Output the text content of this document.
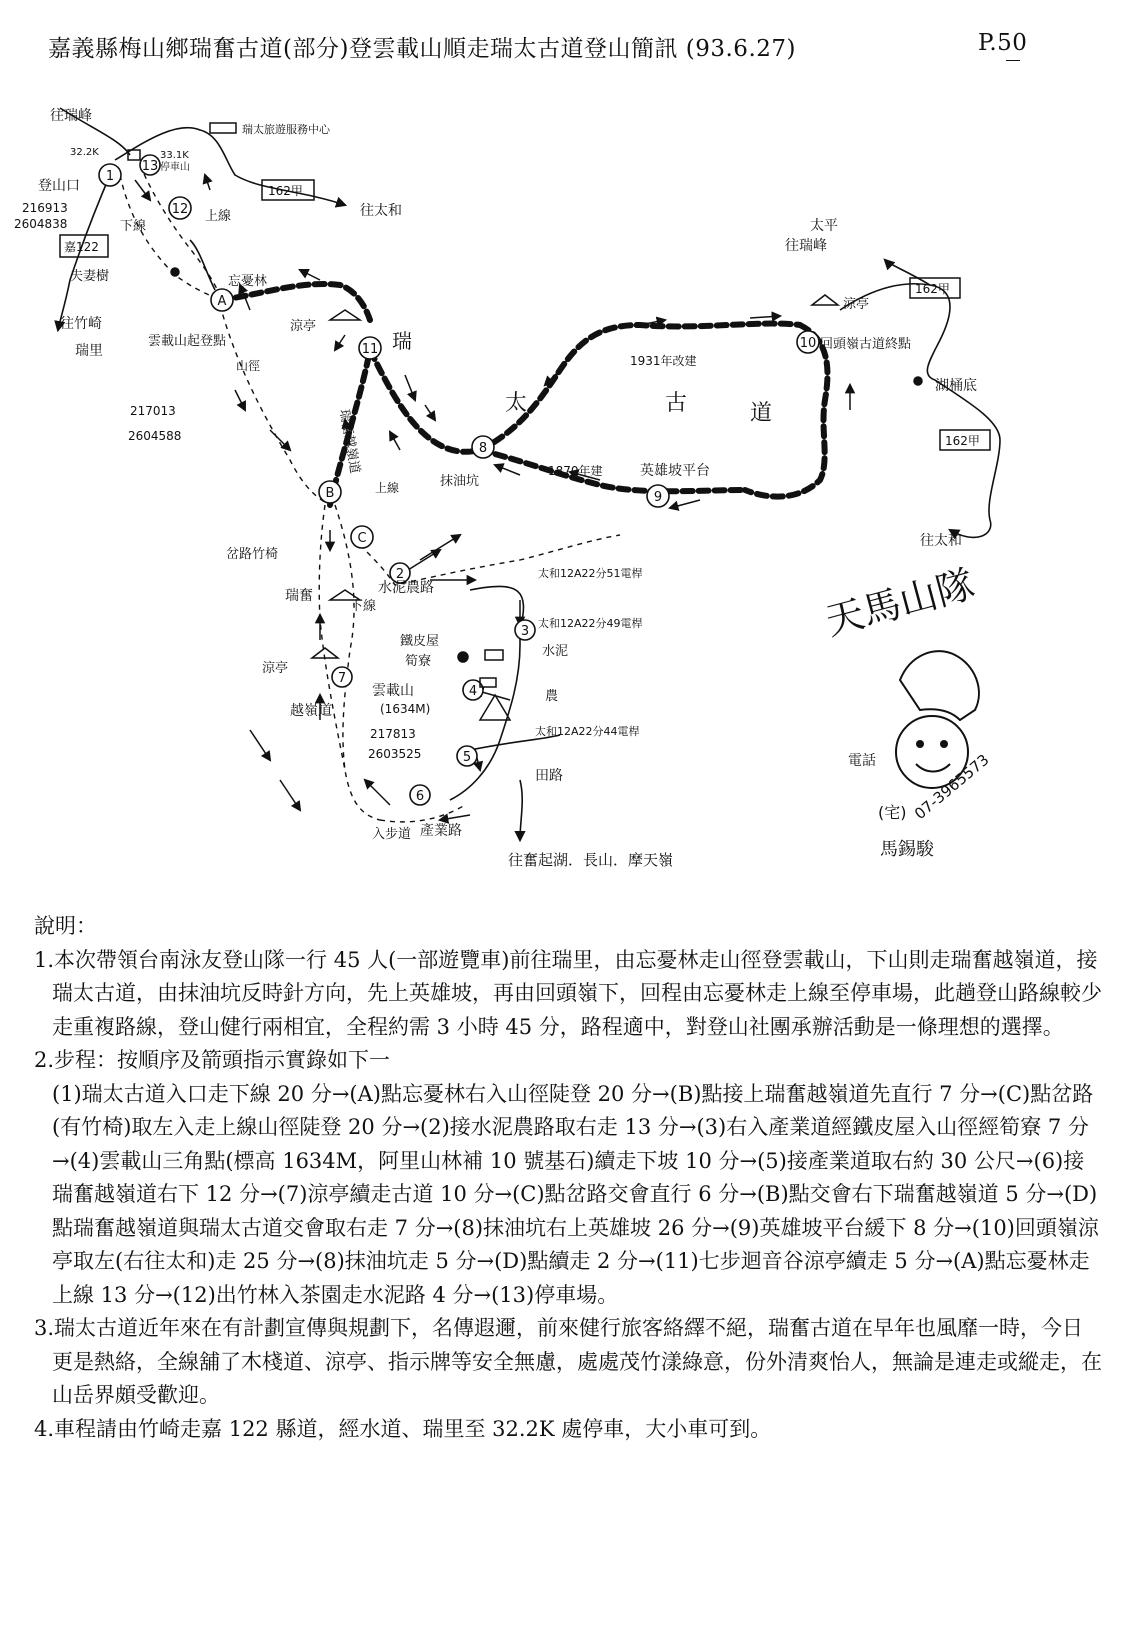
嘉義縣梅山鄉瑞奮古道(部分)登雲載山順走瑞太古道登山簡訊 (93.6.27)	P.50
1
13
12
A
11
8
9
10
B
C
2
3
4
7
5
6
D
往瑞峰
瑞太旅遊服務中心
32.2K	33.1K
停車山
登山口
216913
2604838
嘉122
162甲
往太和
下線
上線
夫妻樹
往竹崎
瑞里
忘憂林
雲載山起登點
山徑
217013
2604588
涼亭
瑞
太	古	道
1931年改建
1870年建	英雄坡平台
回頭嶺古道終點
太平
往瑞峰
涼亭
162甲
162甲
湖桶底
往太和
抹油坑
瑞奮越嶺道
岔路竹椅
上線
水泥農路
太和12A22分51電桿
太和12A22分49電桿
太和12A22分44電桿
水泥
農
鐵皮屋
筍寮
雲載山
(1634M)
217813
2603525
下線
瑞奮
涼亭
越嶺道
入步道 產業路
田路
往奮起湖．長山．摩天嶺
天馬山隊
電話
(宅) 07-3965573
馬錫駿

說明：

1.本次帶領台南泳友登山隊一行 45 人(一部遊覽車)前往瑞里，由忘憂林走山徑登雲載山，下山則走瑞奮越嶺道，接瑞太古道，由抹油坑反時針方向，先上英雄坡，再由回頭嶺下，回程由忘憂林走上線至停車場，此趟登山路線較少走重複路線，登山健行兩相宜，全程約需 3 小時 45 分，路程適中，對登山社團承辦活動是一條理想的選擇。

2.步程：按順序及箭頭指示實錄如下一

(1)瑞太古道入口走下線 20 分→(A)點忘憂林右入山徑陡登 20 分→(B)點接上瑞奮越嶺道先直行 7 分→(C)點岔路(有竹椅)取左入走上線山徑陡登 20 分→(2)接水泥農路取右走 13 分→(3)右入產業道經鐵皮屋入山徑經筍寮 7 分→(4)雲載山三角點(標高 1634M，阿里山林補 10 號基石)續走下坡 10 分→(5)接產業道取右約 30 公尺→(6)接瑞奮越嶺道右下 12 分→(7)涼亭續走古道 10 分→(C)點岔路交會直行 6 分→(B)點交會右下瑞奮越嶺道 5 分→(D)點瑞奮越嶺道與瑞太古道交會取右走 7 分→(8)抹油坑右上英雄坡 26 分→(9)英雄坡平台緩下 8 分→(10)回頭嶺涼亭取左(右往太和)走 25 分→(8)抹油坑走 5 分→(D)點續走 2 分→(11)七步迴音谷涼亭續走 5 分→(A)點忘憂林走上線 13 分→(12)出竹林入茶園走水泥路 4 分→(13)停車場。

3.瑞太古道近年來在有計劃宣傳與規劃下，名傳遐邇，前來健行旅客絡繹不絕，瑞奮古道在早年也風靡一時，今日更是熱絡，全線舖了木棧道、涼亭、指示牌等安全無慮，處處茂竹漾綠意，份外清爽怡人，無論是連走或縱走，在山岳界頗受歡迎。

4.車程請由竹崎走嘉 122 縣道，經水道、瑞里至 32.2K 處停車，大小車可到。
